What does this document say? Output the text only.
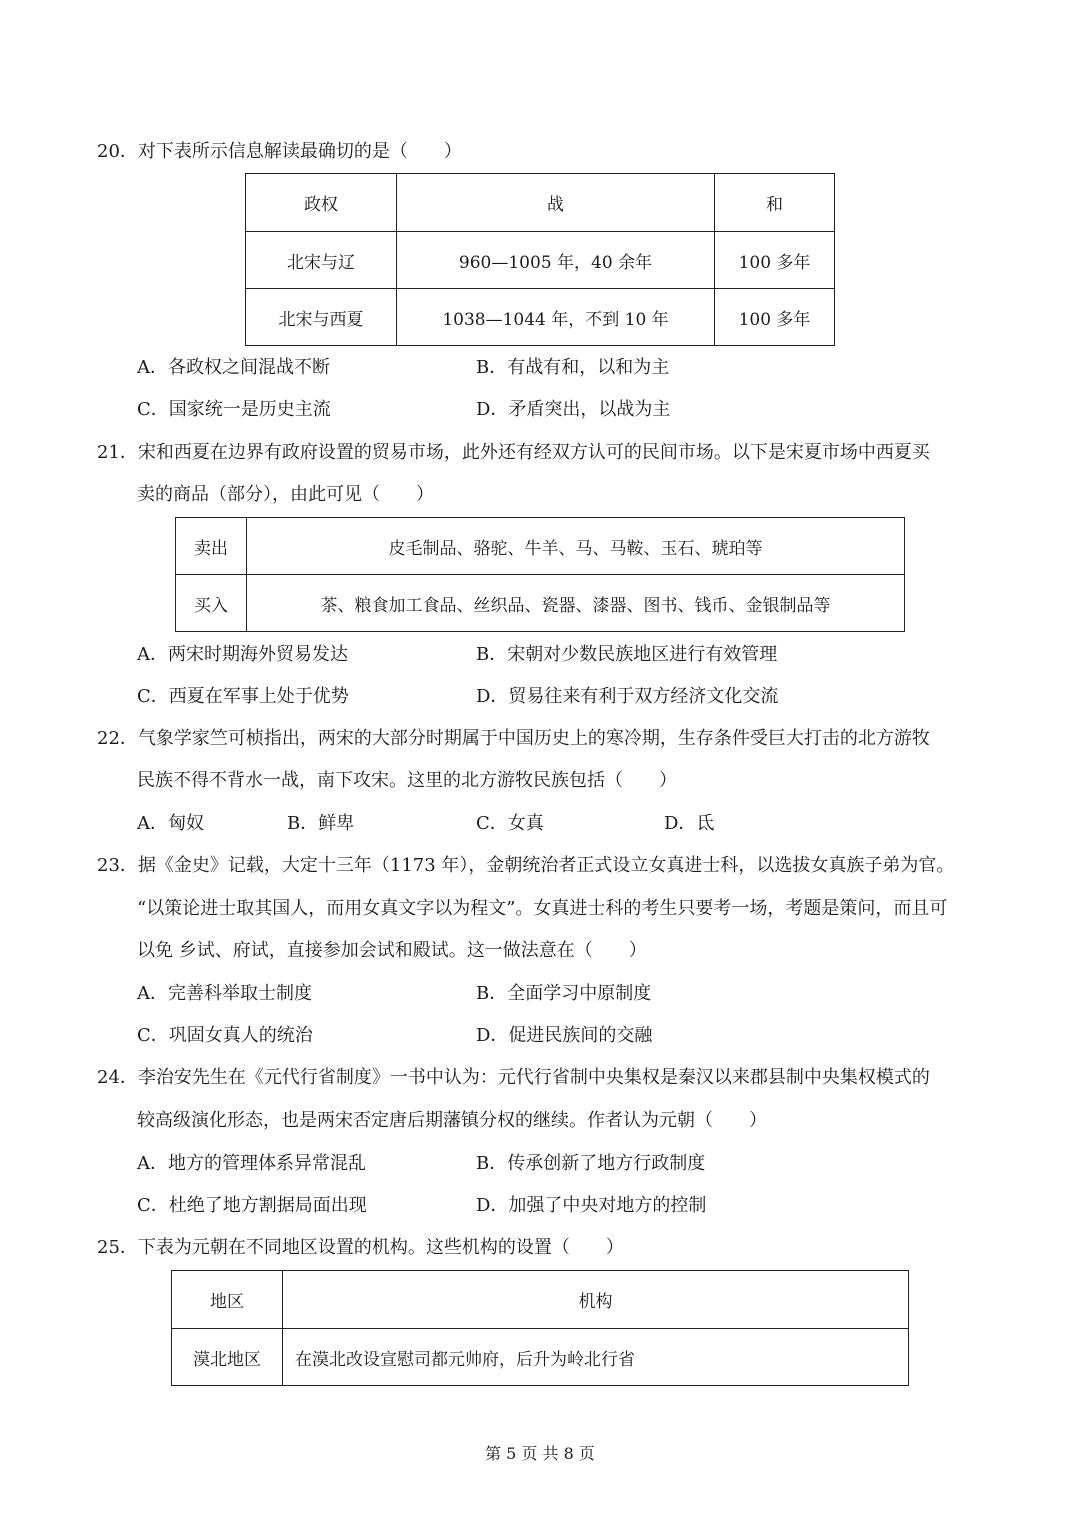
20．对下表所示信息解读最确切的是（　　）
政权	战	和
北宋与辽	960—1005 年，40 余年	100 多年
北宋与西夏	1038—1044 年，不到 10 年	100 多年
A．各政权之间混战不断	B．有战有和，以和为主
C．国家统一是历史主流	D．矛盾突出，以战为主
21．宋和西夏在边界有政府设置的贸易市场，此外还有经双方认可的民间市场。以下是宋夏市场中西夏买
卖的商品（部分），由此可见（　　）
卖出	皮毛制品、骆驼、牛羊、马、马鞍、玉石、琥珀等
买入	茶、粮食加工食品、丝织品、瓷器、漆器、图书、钱币、金银制品等
A．两宋时期海外贸易发达	B．宋朝对少数民族地区进行有效管理
C．西夏在军事上处于优势	D．贸易往来有利于双方经济文化交流
22．气象学家竺可桢指出，两宋的大部分时期属于中国历史上的寒冷期，生存条件受巨大打击的北方游牧
民族不得不背水一战，南下攻宋。这里的北方游牧民族包括（　　）
A．匈奴	B．鲜卑	C．女真	D．氐
23．据《金史》记载，大定十三年（1173 年），金朝统治者正式设立女真进士科，以选拔女真族子弟为官。
“以策论进士取其国人，而用女真文字以为程文”。女真进士科的考生只要考一场，考题是策问，而且可
以免 乡试、府试，直接参加会试和殿试。这一做法意在（　　）
A．完善科举取士制度	B．全面学习中原制度
C．巩固女真人的统治	D．促进民族间的交融
24．李治安先生在《元代行省制度》一书中认为：元代行省制中央集权是秦汉以来郡县制中央集权模式的
较高级演化形态，也是两宋否定唐后期藩镇分权的继续。作者认为元朝（　　）
A．地方的管理体系异常混乱	B．传承创新了地方行政制度
C．杜绝了地方割据局面出现	D．加强了中央对地方的控制
25．下表为元朝在不同地区设置的机构。这些机构的设置（　　）
地区	机构
漠北地区	在漠北改设宣慰司都元帅府，后升为岭北行省
第 5 页 共 8 页
